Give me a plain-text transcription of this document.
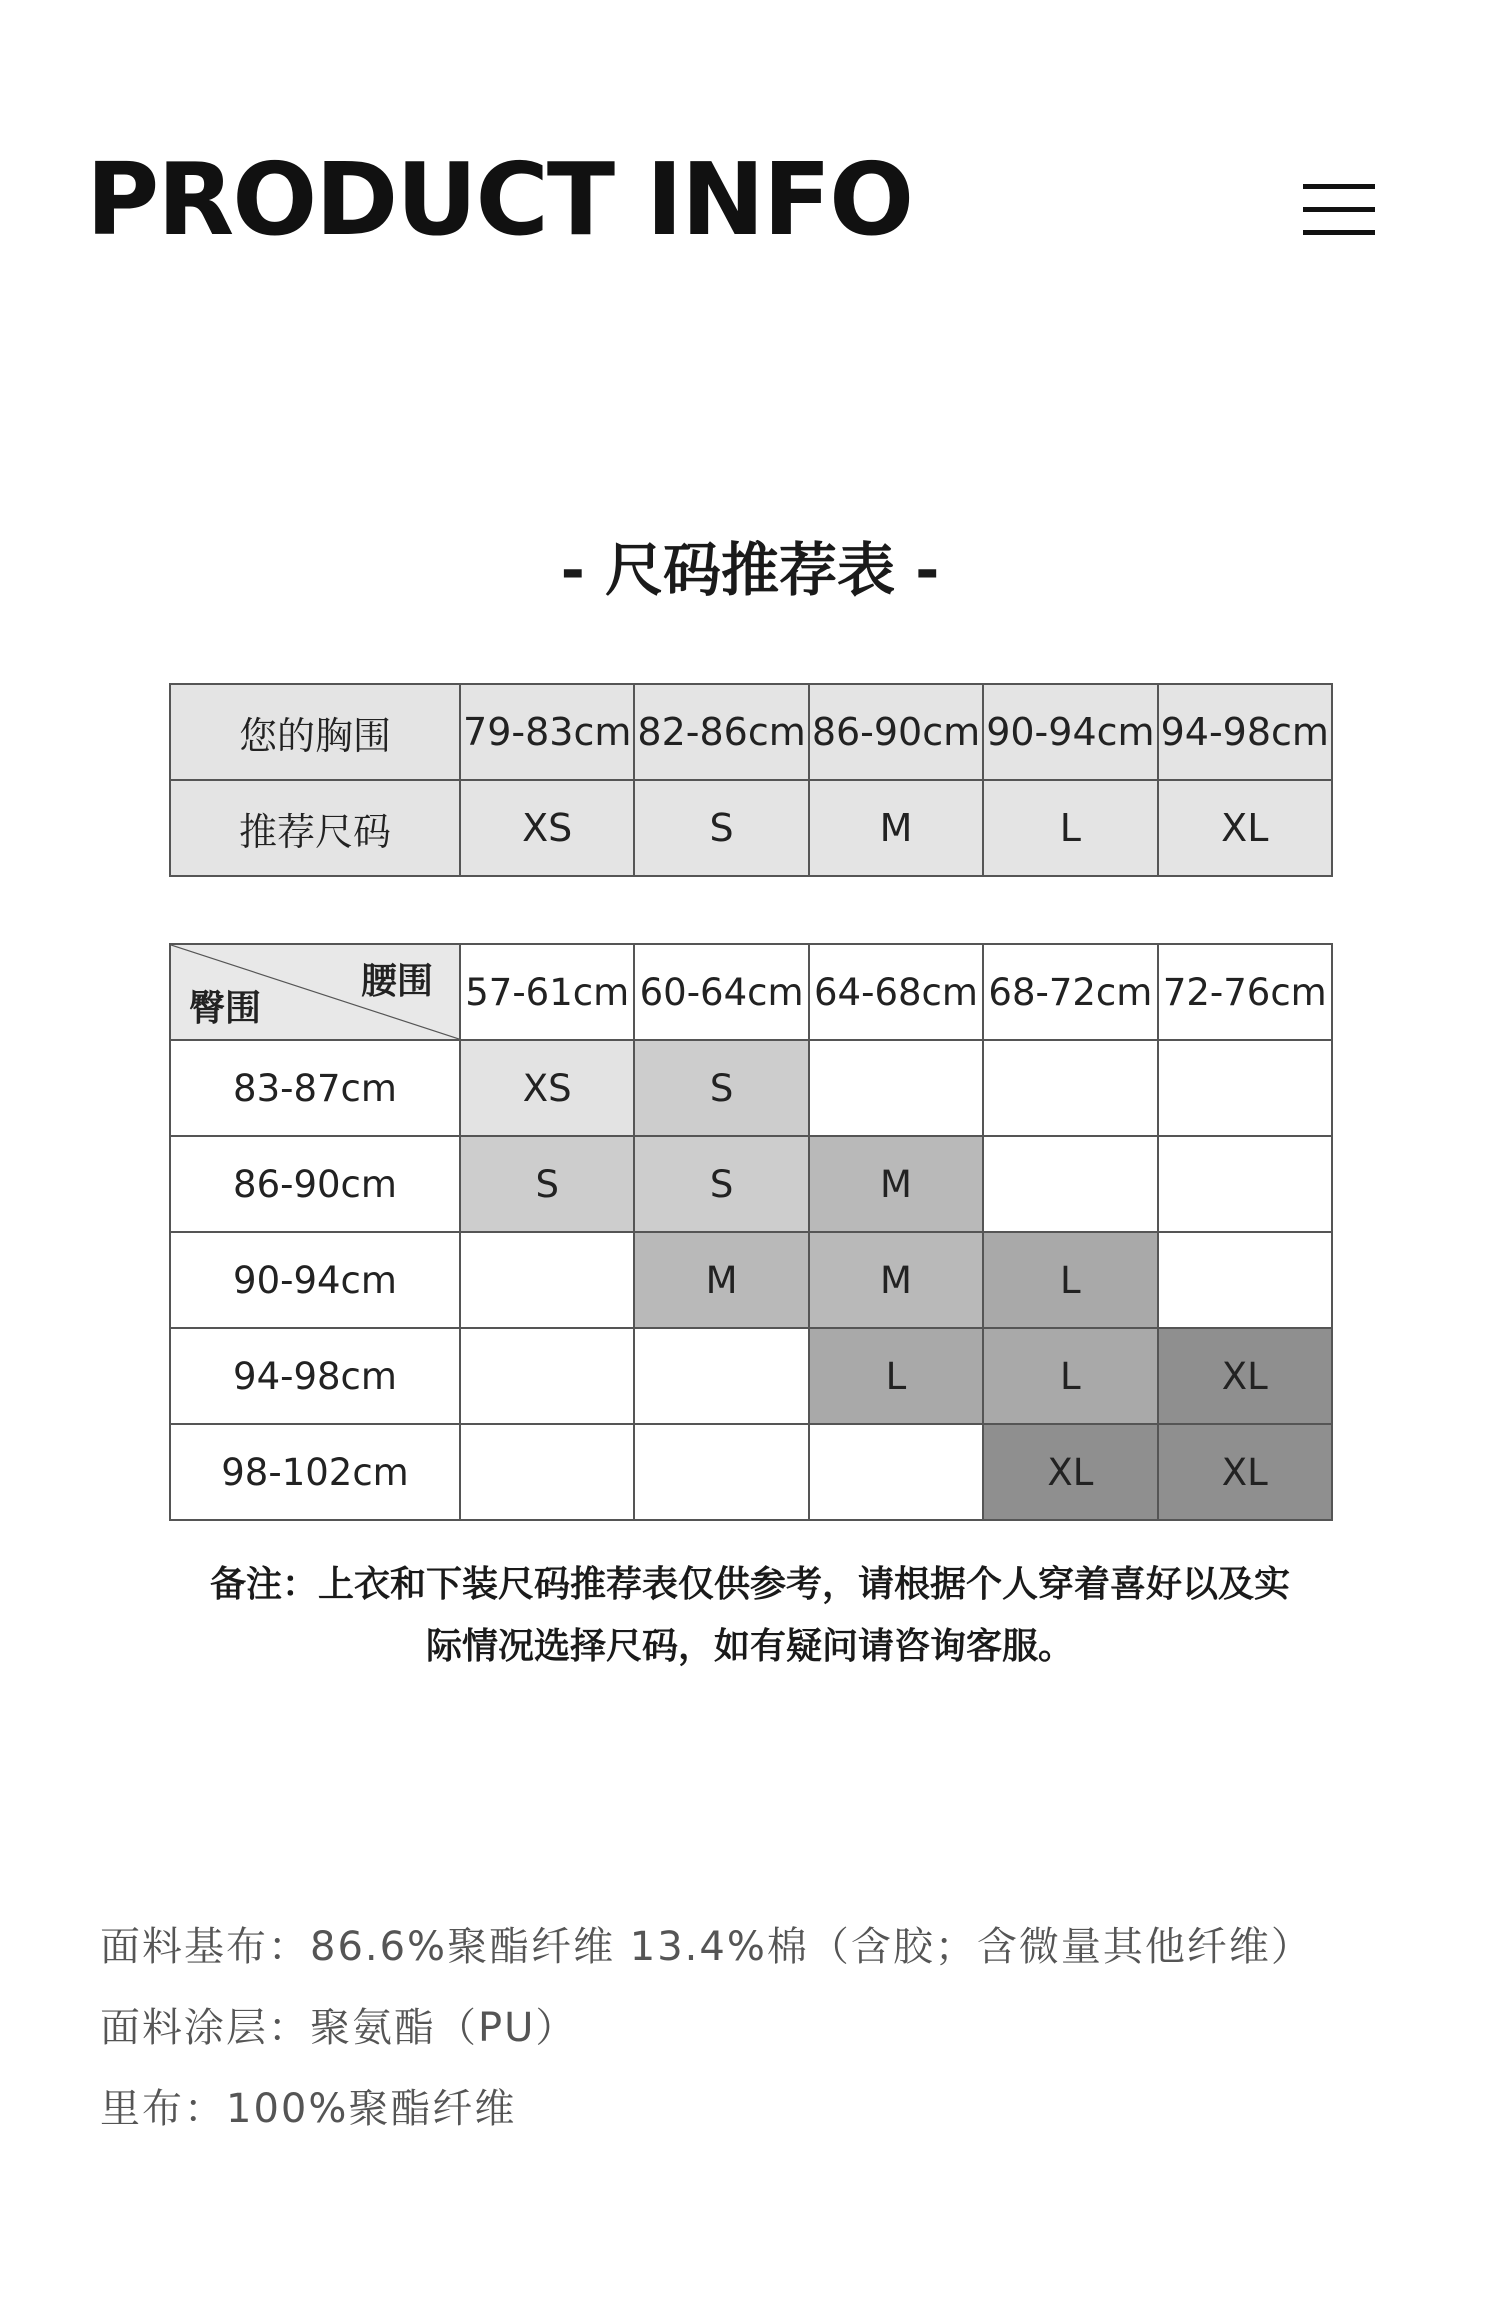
PRODUCT INFO
- 尺码推荐表 -
您的胸围	79-83cm	82-86cm	86-90cm	90-94cm	94-98cm
推荐尺码	XS	S	M	L	XL
腰围
臀围	57-61cm	60-64cm	64-68cm	68-72cm	72-76cm
83-87cm	XS	S			
86-90cm	S	S	M		
90-94cm		M	M	L	
94-98cm			L	L	XL
98-102cm				XL	XL
备注：上衣和下装尺码推荐表仅供参考，请根据个人穿着喜好以及实
际情况选择尺码，如有疑问请咨询客服。
面料基布：86.6%聚酯纤维 13.4%棉（含胶；含微量其他纤维）
面料涂层：聚氨酯（PU）
里布：100%聚酯纤维
